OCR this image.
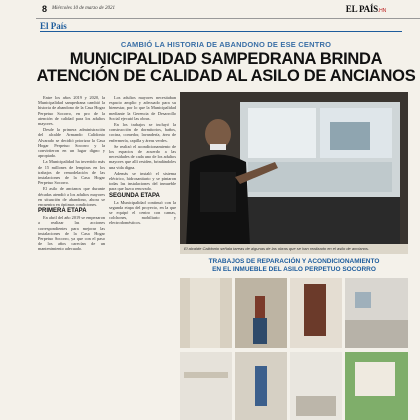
8 Miércoles 10 de marzo de 2021	EL PAÍS.HN
El País
CAMBIÓ LA HISTORIA DE ABANDONO DE ESE CENTRO
MUNICIPALIDAD SAMPEDRANA BRINDA
ATENCIÓN DE CALIDAD AL ASILO DE ANCIANOS

Entre los años 2019 y 2020, la Municipalidad sampedrana cambió la historia de abandono de la Casa Hogar Perpetuo Socorro, en pro de la atención de calidad para los adultos mayores.

Desde la primera administración del alcalde Armando Calidonio Alvarado se decidió priorizar la Casa Hogar Perpetuo Socorro y la convirtieron en un lugar digno y apropiado.

La Municipalidad ha invertido más de 15 millones de lempiras en los trabajos de remodelación de las instalaciones de la Casa Hogar Perpetuo Socorro.

El asilo de ancianos que durante décadas atendió a los adultos mayores en situación de abandono, ahora se encuentra en óptimas condiciones.

PRIMERA ETAPA

En abril del año 2019 se empezaron a realizar las acciones correspondientes para mejorar las instalaciones de la Casa Hogar Perpetuo Socorro, ya que con el paso de los años carecían de un mantenimiento adecuado.

Los adultos mayores necesitaban espacio amplio y adecuado para su bienestar, por lo que la Municipalidad mediante la Gerencia de Desarrollo Social ejecutó las obras.

En los trabajos se incluyó la construcción de dormitorios, baños, cocina, comedor, lavandería, área de enfermería, capilla y áreas verdes.

Se realizó el acondicionamiento de los espacios de acuerdo a las necesidades de cada uno de los adultos mayores que allí residen, brindándoles una vida digna.

Además se instaló el sistema eléctrico, hidrosanitario y se pintaron todas las instalaciones del inmueble para que luzca renovado.

SEGUNDA ETAPA

La Municipalidad continuó con la segunda etapa del proyecto, en la que se equipó el centro con camas, colchones, mobiliario y electrodomésticos.

El alcalde Calidonio señala tareas de algunas de las obras que se han realizado en el asilo de ancianos.
TRABAJOS DE REPARACIÓN Y ACONDICIONAMIENTO
EN EL INMUEBLE DEL ASILO PERPETUO SOCORRO
